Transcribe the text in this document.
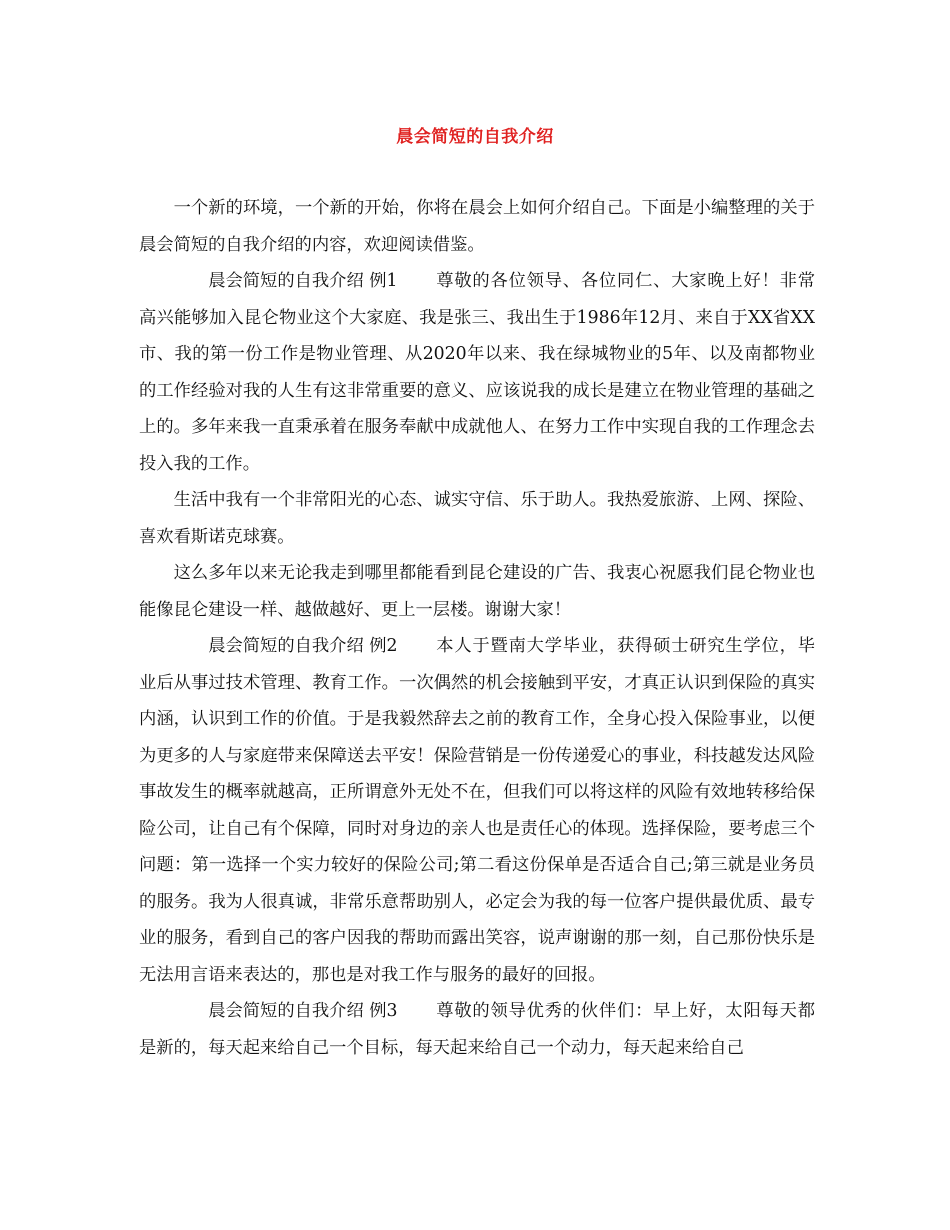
晨会简短的自我介绍

一个新的环境，一个新的开始，你将在晨会上如何介绍自己。下面是小编整理的关于晨会简短的自我介绍的内容，欢迎阅读借鉴。

晨会简短的自我介绍 例1 尊敬的各位领导、各位同仁、大家晚上好！非常高兴能够加入昆仑物业这个大家庭、我是张三、我出生于1986年12月、来自于XX省XX市、我的第一份工作是物业管理、从2020年以来、我在绿城物业的5年、以及南都物业的工作经验对我的人生有这非常重要的意义、应该说我的成长是建立在物业管理的基础之上的。多年来我一直秉承着在服务奉献中成就他人、在努力工作中实现自我的工作理念去投入我的工作。

生活中我有一个非常阳光的心态、诚实守信、乐于助人。我热爱旅游、上网、探险、喜欢看斯诺克球赛。

这么多年以来无论我走到哪里都能看到昆仑建设的广告、我衷心祝愿我们昆仑物业也能像昆仑建设一样、越做越好、更上一层楼。谢谢大家！

晨会简短的自我介绍 例2 本人于暨南大学毕业，获得硕士研究生学位，毕业后从事过技术管理、教育工作。一次偶然的机会接触到平安，才真正认识到保险的真实内涵，认识到工作的价值。于是我毅然辞去之前的教育工作，全身心投入保险事业，以便为更多的人与家庭带来保障送去平安！保险营销是一份传递爱心的事业，科技越发达风险事故发生的概率就越高，正所谓意外无处不在，但我们可以将这样的风险有效地转移给保险公司，让自己有个保障，同时对身边的亲人也是责任心的体现。选择保险，要考虑三个问题：第一选择一个实力较好的保险公司;第二看这份保单是否适合自己;第三就是业务员的服务。我为人很真诚，非常乐意帮助别人，必定会为我的每一位客户提供最优质、最专业的服务，看到自己的客户因我的帮助而露出笑容，说声谢谢的那一刻，自己那份快乐是无法用言语来表达的，那也是对我工作与服务的最好的回报。

晨会简短的自我介绍 例3 尊敬的领导优秀的伙伴们：早上好，太阳每天都是新的，每天起来给自己一个目标，每天起来给自己一个动力，每天起来给自己
